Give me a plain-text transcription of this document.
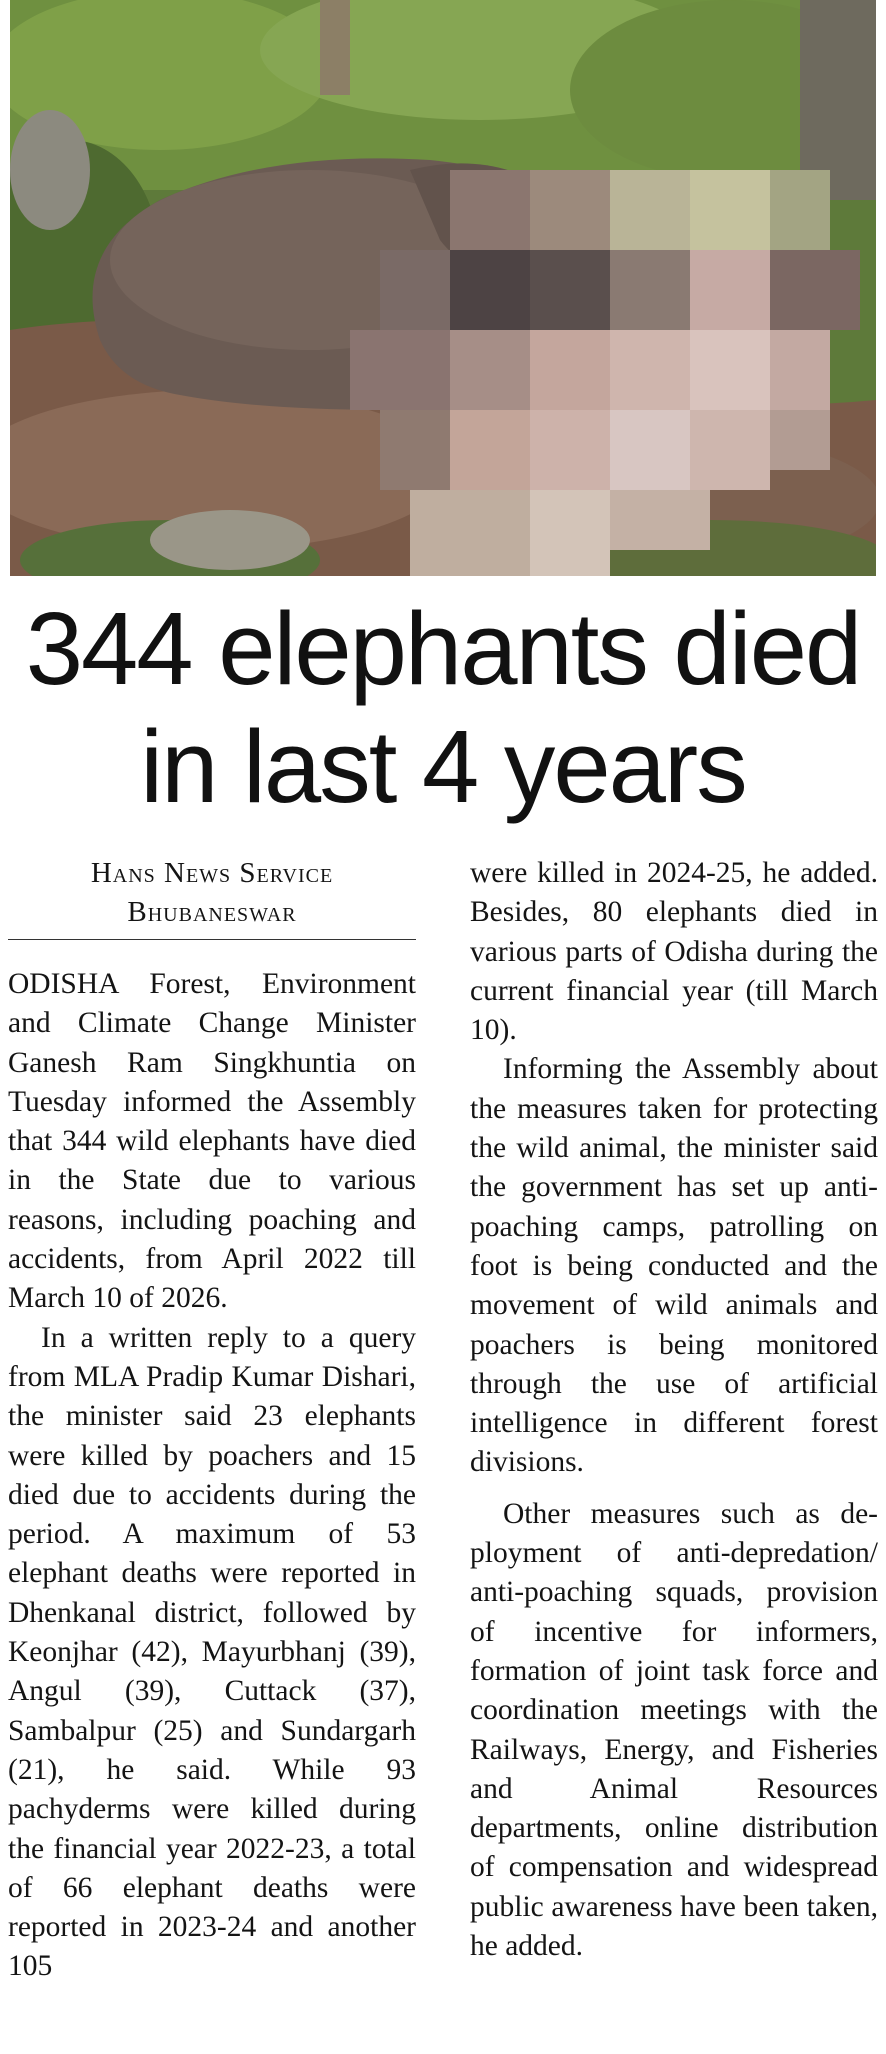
344 elephants died
in last 4 years
Hans News Service
Bhubaneswar

ODISHA Forest, Environment and Climate Change Minister Ganesh Ram Singkhuntia on Tuesday informed the Assembly that 344 wild elephants have died in the State due to various reasons, including poaching and accidents, from April 2022 till March 10 of 2026.

In a written reply to a query from MLA Pradip Kumar Dishari, the minister said 23 elephants were killed by poachers and 15 died due to accidents during the period. A maximum of 53 elephant deaths were reported in Dhenkanal district, followed by Keonjhar (42), Mayurbhanj (39), Angul (39), Cuttack (37), Sambalpur (25) and Sundargarh (21), he said. While 93 pachyderms were killed during the financial year 2022-23, a total of 66 elephant deaths were reported in 2023-24 and another 105

were killed in 2024-25, he added. Besides, 80 elephants died in various parts of Odisha during the current financial year (till March 10).

Informing the Assembly about the measures taken for protecting the wild animal, the minister said the government has set up anti-poaching camps, patrolling on foot is being conducted and the movement of wild animals and poachers is being monitored through the use of artificial intelligence in different forest divisions.

Other measures such as deployment of anti-depredation/ anti-poaching squads, provision of incentive for informers, formation of joint task force and coordination meetings with the Railways, Energy, and Fisheries and Animal Resources departments, online distribution of compensation and widespread public awareness have been taken, he added.
